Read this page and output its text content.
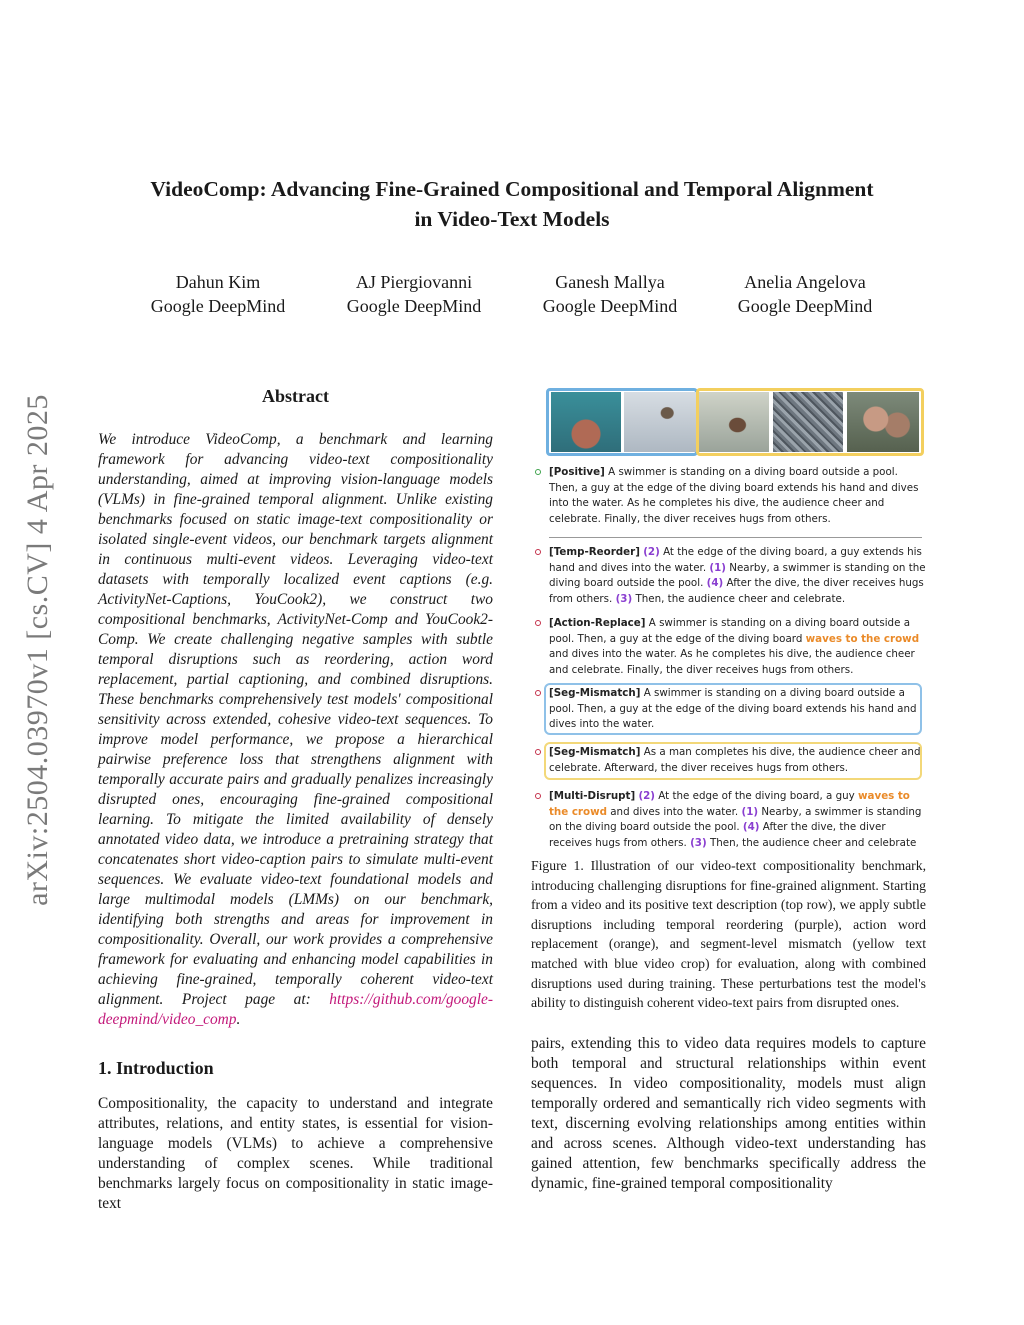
arXiv:2504.03970v1 [cs.CV] 4 Apr 2025
VideoComp: Advancing Fine-Grained Compositional and Temporal Alignment
in Video-Text Models
Dahun Kim
Google DeepMind
AJ Piergiovanni
Google DeepMind
Ganesh Mallya
Google DeepMind
Anelia Angelova
Google DeepMind
Abstract
We introduce VideoComp, a benchmark and learning framework for advancing video-text compositionality understanding, aimed at improving vision-language models (VLMs) in fine-grained temporal alignment. Unlike existing benchmarks focused on static image-text compositionality or isolated single-event videos, our benchmark targets alignment in continuous multi-event videos. Leveraging video-text datasets with temporally localized event captions (e.g. ActivityNet-Captions, YouCook2), we construct two compositional benchmarks, ActivityNet-Comp and YouCook2-Comp. We create challenging negative samples with subtle temporal disruptions such as reordering, action word replacement, partial captioning, and combined disruptions. These benchmarks comprehensively test models' compositional sensitivity across extended, cohesive video-text sequences. To improve model performance, we propose a hierarchical pairwise preference loss that strengthens alignment with temporally accurate pairs and gradually penalizes increasingly disrupted ones, encouraging fine-grained compositional learning. To mitigate the limited availability of densely annotated video data, we introduce a pretraining strategy that concatenates short video-caption pairs to simulate multi-event sequences. We evaluate video-text foundational models and large multimodal models (LMMs) on our benchmark, identifying both strengths and areas for improvement in compositionality. Overall, our work provides a comprehensive framework for evaluating and enhancing model capabilities in achieving fine-grained, temporally coherent video-text alignment. Project page at: https://github.com/google-deepmind/video_comp.
1. Introduction
Compositionality, the capacity to understand and integrate attributes, relations, and entity states, is essential for vision-language models (VLMs) to achieve a comprehensive understanding of complex scenes. While traditional benchmarks largely focus on compositionality in static image-text
[Positive] A swimmer is standing on a diving board outside a pool. Then, a guy at the edge of the diving board extends his hand and dives into the water. As he completes his dive, the audience cheer and celebrate. Finally, the diver receives hugs from others.
[Temp-Reorder] (2) At the edge of the diving board, a guy extends his hand and dives into the water. (1) Nearby, a swimmer is standing on the diving board outside the pool. (4) After the dive, the diver receives hugs from others. (3) Then, the audience cheer and celebrate.
[Action-Replace] A swimmer is standing on a diving board outside a pool. Then, a guy at the edge of the diving board waves to the crowd and dives into the water. As he completes his dive, the audience cheer and celebrate. Finally, the diver receives hugs from others.
[Seg-Mismatch] A swimmer is standing on a diving board outside a pool. Then, a guy at the edge of the diving board extends his hand and dives into the water.
[Seg-Mismatch] As a man completes his dive, the audience cheer and celebrate. Afterward, the diver receives hugs from others.
[Multi-Disrupt] (2) At the edge of the diving board, a guy waves to the crowd and dives into the water. (1) Nearby, a swimmer is standing on the diving board outside the pool. (4) After the dive, the diver receives hugs from others. (3) Then, the audience cheer and celebrate
Figure 1. Illustration of our video-text compositionality benchmark, introducing challenging disruptions for fine-grained alignment. Starting from a video and its positive text description (top row), we apply subtle disruptions including temporal reordering (purple), action word replacement (orange), and segment-level mismatch (yellow text matched with blue video crop) for evaluation, along with combined disruptions used during training. These perturbations test the model's ability to distinguish coherent video-text pairs from disrupted ones.
pairs, extending this to video data requires models to capture both temporal and structural relationships within event sequences. In video compositionality, models must align temporally ordered and semantically rich video segments with text, discerning evolving relationships among entities within and across scenes. Although video-text understanding has gained attention, few benchmarks specifically address the dynamic, fine-grained temporal compositionality
